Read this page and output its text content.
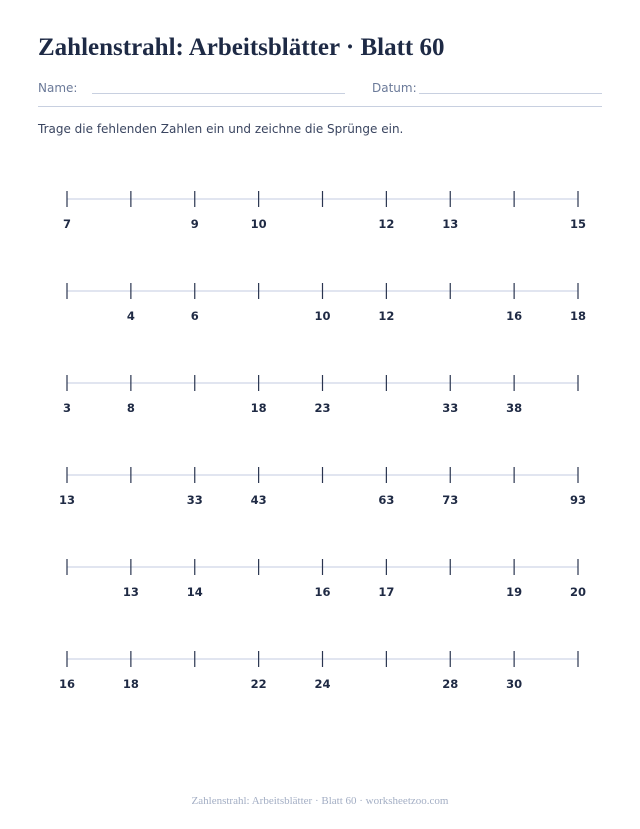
Zahlenstrahl: Arbeitsblätter · Blatt 60
Name:	Datum:
Trage die fehlenden Zahlen ein und zeichne die Sprünge ein.
7	9	10	12	13	15
4	6	10	12	16	18
3	8	18	23	33	38
13	33	43	63	73	93
13	14	16	17	19	20
16	18	22	24	28	30
Zahlenstrahl: Arbeitsblätter · Blatt 60 · worksheetzoo.com
